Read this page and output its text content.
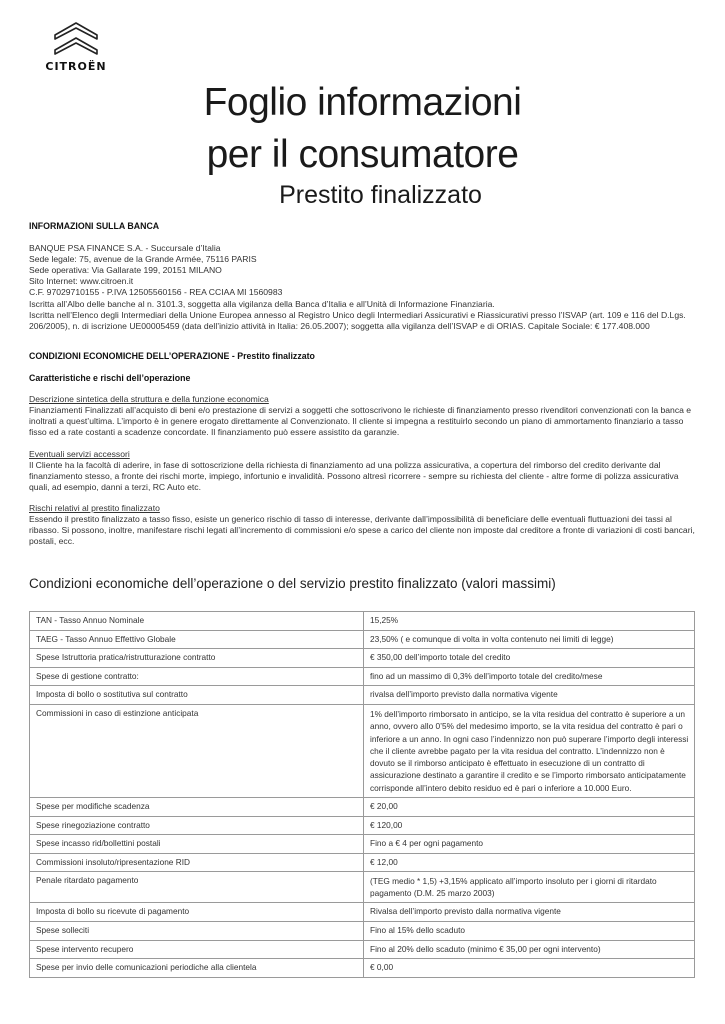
CITROËN
Foglio informazioni
per il consumatore
Prestito finalizzato

INFORMAZIONI SULLA BANCA

BANQUE PSA FINANCE S.A. - Succursale d’Italia

Sede legale: 75, avenue de la Grande Armée, 75116 PARIS

Sede operativa: Via Gallarate 199, 20151 MILANO

Sito Internet: www.citroen.it

C.F. 97029710155 - P.IVA 12505560156 - REA CCIAA MI 1560983

Iscritta all’Albo delle banche al n. 3101.3, soggetta alla vigilanza della Banca d’Italia e all’Unità di Informazione Finanziaria.

Iscritta nell’Elenco degli Intermediari della Unione Europea annesso al Registro Unico degli Intermediari Assicurativi e Riassicurativi presso l’ISVAP (art. 109 e 116 del D.Lgs. 206/2005), n. di iscrizione UE00005459 (data dell’inizio attività in Italia: 26.05.2007); soggetta alla vigilanza dell’ISVAP e di ORIAS. Capitale Sociale: € 177.408.000

CONDIZIONI ECONOMICHE DELL’OPERAZIONE - Prestito finalizzato

Caratteristiche e rischi dell’operazione

Descrizione sintetica della struttura e della funzione economica

Finanziamenti Finalizzati all’acquisto di beni e/o prestazione di servizi a soggetti che sottoscrivono le richieste di finanziamento presso rivenditori convenzionati con la banca e inoltrati a quest’ultima. L’importo è in genere erogato direttamente al Convenzionato. Il cliente si impegna a restituirlo secondo un piano di ammortamento finanziario a tasso fisso ed a rate costanti a scadenze concordate. Il finanziamento può essere assistito da garanzie.

Eventuali servizi accessori

Il Cliente ha la facoltà di aderire, in fase di sottoscrizione della richiesta di finanziamento ad una polizza assicurativa, a copertura del rimborso del credito derivante dal finanziamento stesso, a fronte dei rischi morte, impiego, infortunio e invalidità. Possono altresì ricorrere - sempre su richiesta del cliente - altre forme di polizza assicurativa quali, ad esempio, danni a terzi, RC Auto etc.

Rischi relativi al prestito finalizzato

Essendo il prestito finalizzato a tasso fisso, esiste un generico rischio di tasso di interesse, derivante dall’impossibilità di beneficiare delle eventuali fluttuazioni dei tassi al ribasso. Si possono, inoltre, manifestare rischi legati all’incremento di commissioni e/o spese a carico del cliente non imposte dal creditore a fronte di variazioni di costi bancari, postali, ecc.

Condizioni economiche dell’operazione o del servizio prestito finalizzato (valori massimi)
TAN - Tasso Annuo Nominale	15,25%
TAEG - Tasso Annuo Effettivo Globale	23,50% ( e comunque di volta in volta contenuto nei limiti di legge)
Spese Istruttoria pratica/ristrutturazione contratto	€ 350,00 dell’importo totale del credito
Spese di gestione contratto:	fino ad un massimo di 0,3% dell’importo totale del credito/mese
Imposta di bollo o sostitutiva sul contratto	rivalsa dell’importo previsto dalla normativa vigente
Commissioni in caso di estinzione anticipata	1% dell’importo rimborsato in anticipo, se la vita residua del contratto è superiore a un anno, ovvero allo 0’5% del medesimo importo, se la vita residua del contratto è pari o inferiore a un anno. In ogni caso l’indennizzo non può superare l’importo degli interessi che il cliente avrebbe pagato per la vita residua del contratto. L’indennizzo non è dovuto se il rimborso anticipato è effettuato in esecuzione di un contratto di assicurazione destinato a garantire il credito e se l’importo rimborsato anticipatamente corrisponde all’intero debito residuo ed è pari o inferiore a 10.000 Euro.
Spese per modifiche scadenza	€ 20,00
Spese rinegoziazione contratto	€ 120,00
Spese incasso rid/bollettini postali	Fino a € 4 per ogni pagamento
Commissioni insoluto/ripresentazione RID	€ 12,00
Penale ritardato pagamento	(TEG medio * 1,5) +3,15% applicato all’importo insoluto per i giorni di ritardato pagamento (D.M. 25 marzo 2003)
Imposta di bollo su ricevute di pagamento	Rivalsa dell’importo previsto dalla normativa vigente
Spese solleciti	Fino al 15% dello scaduto
Spese intervento recupero	Fino al 20% dello scaduto (minimo € 35,00 per ogni intervento)
Spese per invio delle comunicazioni periodiche alla clientela	€ 0,00
